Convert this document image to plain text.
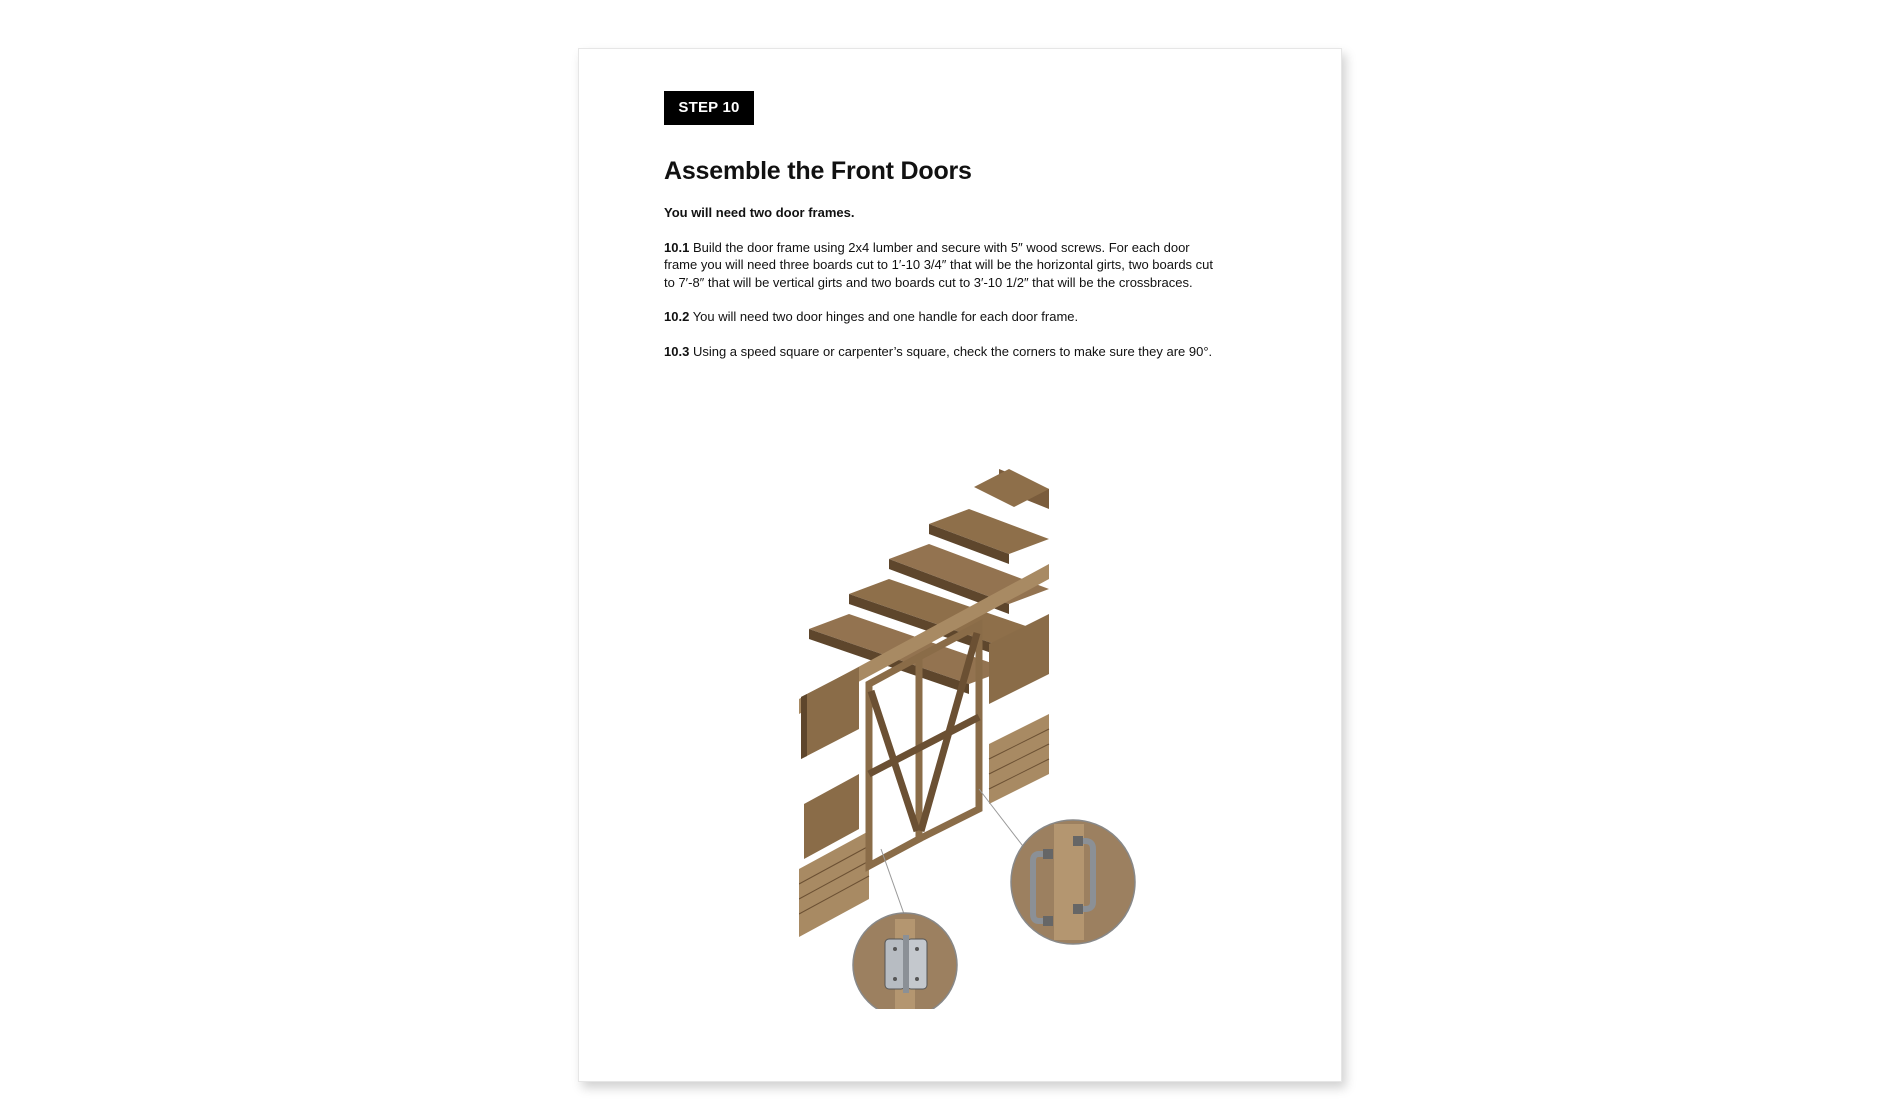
STEP 10
Assemble the Front Doors

You will need two door frames.

10.1 Build the door frame using 2x4 lumber and secure with 5″ wood screws. For each door frame you will need three boards cut to 1′-10 3/4″ that will be the horizontal girts, two boards cut to 7′-8″ that will be vertical girts and two boards cut to 3′-10 1/2″ that will be the crossbraces.

10.2 You will need two door hinges and one handle for each door frame.

10.3 Using a speed square or carpenter’s square, check the corners to make sure they are 90°.
